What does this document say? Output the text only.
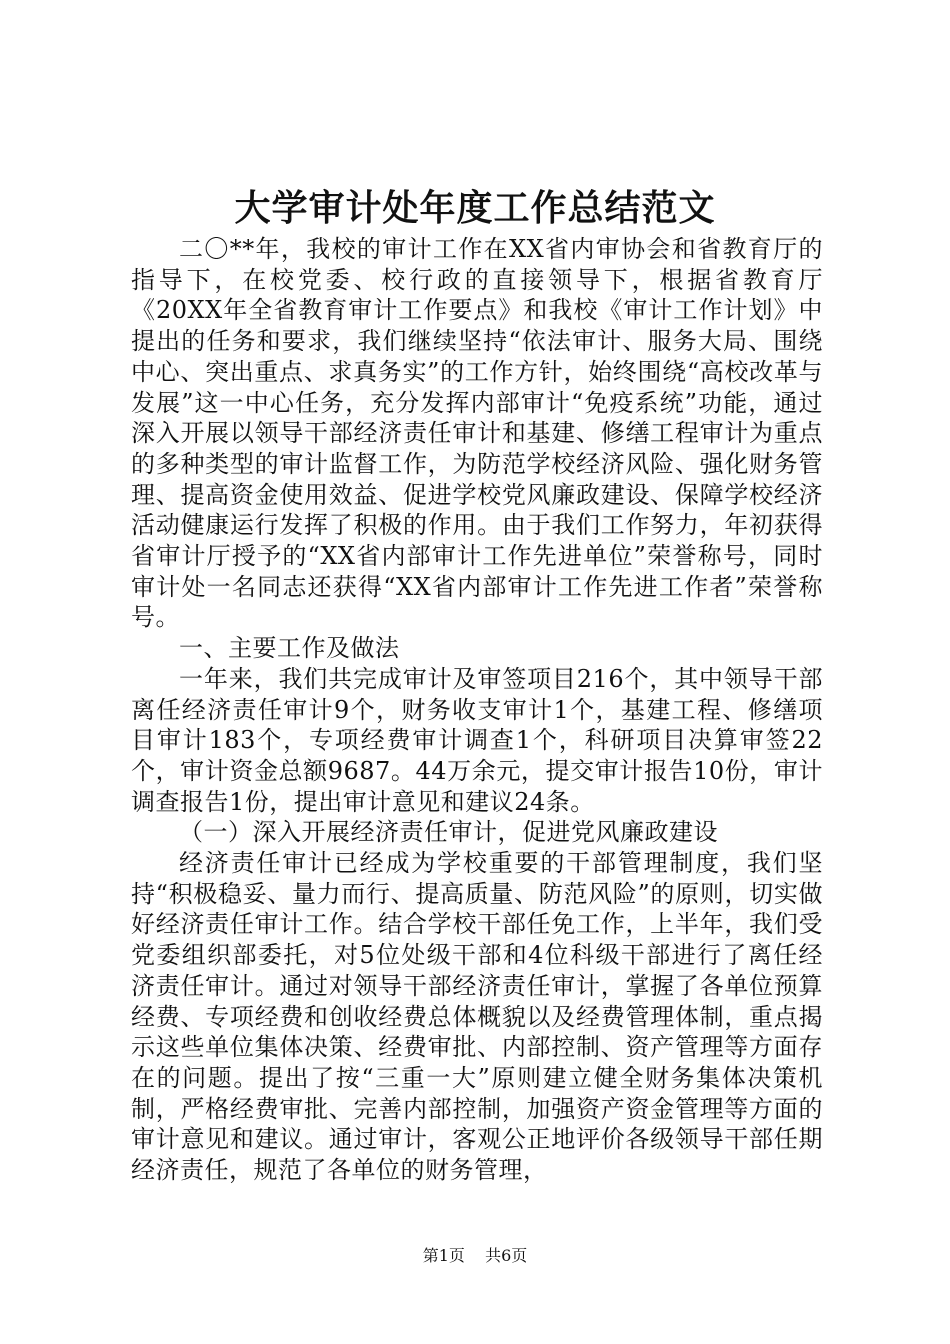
大学审计处年度工作总结范文

二〇**年，我校的审计工作在XX省内审协会和省教育厅的指导下，在校党委、校行政的直接领导下，根据省教育厅《20XX年全省教育审计工作要点》和我校《审计工作计划》中提出的任务和要求，我们继续坚持“依法审计、服务大局、围绕中心、突出重点、求真务实”的工作方针，始终围绕“高校改革与发展”这一中心任务，充分发挥内部审计“免疫系统”功能，通过深入开展以领导干部经济责任审计和基建、修缮工程审计为重点的多种类型的审计监督工作，为防范学校经济风险、强化财务管理、提高资金使用效益、促进学校党风廉政建设、保障学校经济活动健康运行发挥了积极的作用。由于我们工作努力，年初获得省审计厅授予的“XX省内部审计工作先进单位”荣誉称号，同时审计处一名同志还获得“XX省内部审计工作先进工作者”荣誉称号。

一、主要工作及做法

一年来，我们共完成审计及审签项目216个，其中领导干部离任经济责任审计9个，财务收支审计1个，基建工程、修缮项目审计183个，专项经费审计调查1个，科研项目决算审签22个，审计资金总额9687。44万余元，提交审计报告10份，审计调查报告1份，提出审计意见和建议24条。

（一）深入开展经济责任审计，促进党风廉政建设

经济责任审计已经成为学校重要的干部管理制度，我们坚持“积极稳妥、量力而行、提高质量、防范风险”的原则，切实做好经济责任审计工作。结合学校干部任免工作，上半年，我们受党委组织部委托，对5位处级干部和4位科级干部进行了离任经济责任审计。通过对领导干部经济责任审计，掌握了各单位预算经费、专项经费和创收经费总体概貌以及经费管理体制，重点揭示这些单位集体决策、经费审批、内部控制、资产管理等方面存在的问题。提出了按“三重一大”原则建立健全财务集体决策机制，严格经费审批、完善内部控制，加强资产资金管理等方面的审计意见和建议。通过审计，客观公正地评价各级领导干部任期经济责任，规范了各单位的财务管理，

第1页 共6页
